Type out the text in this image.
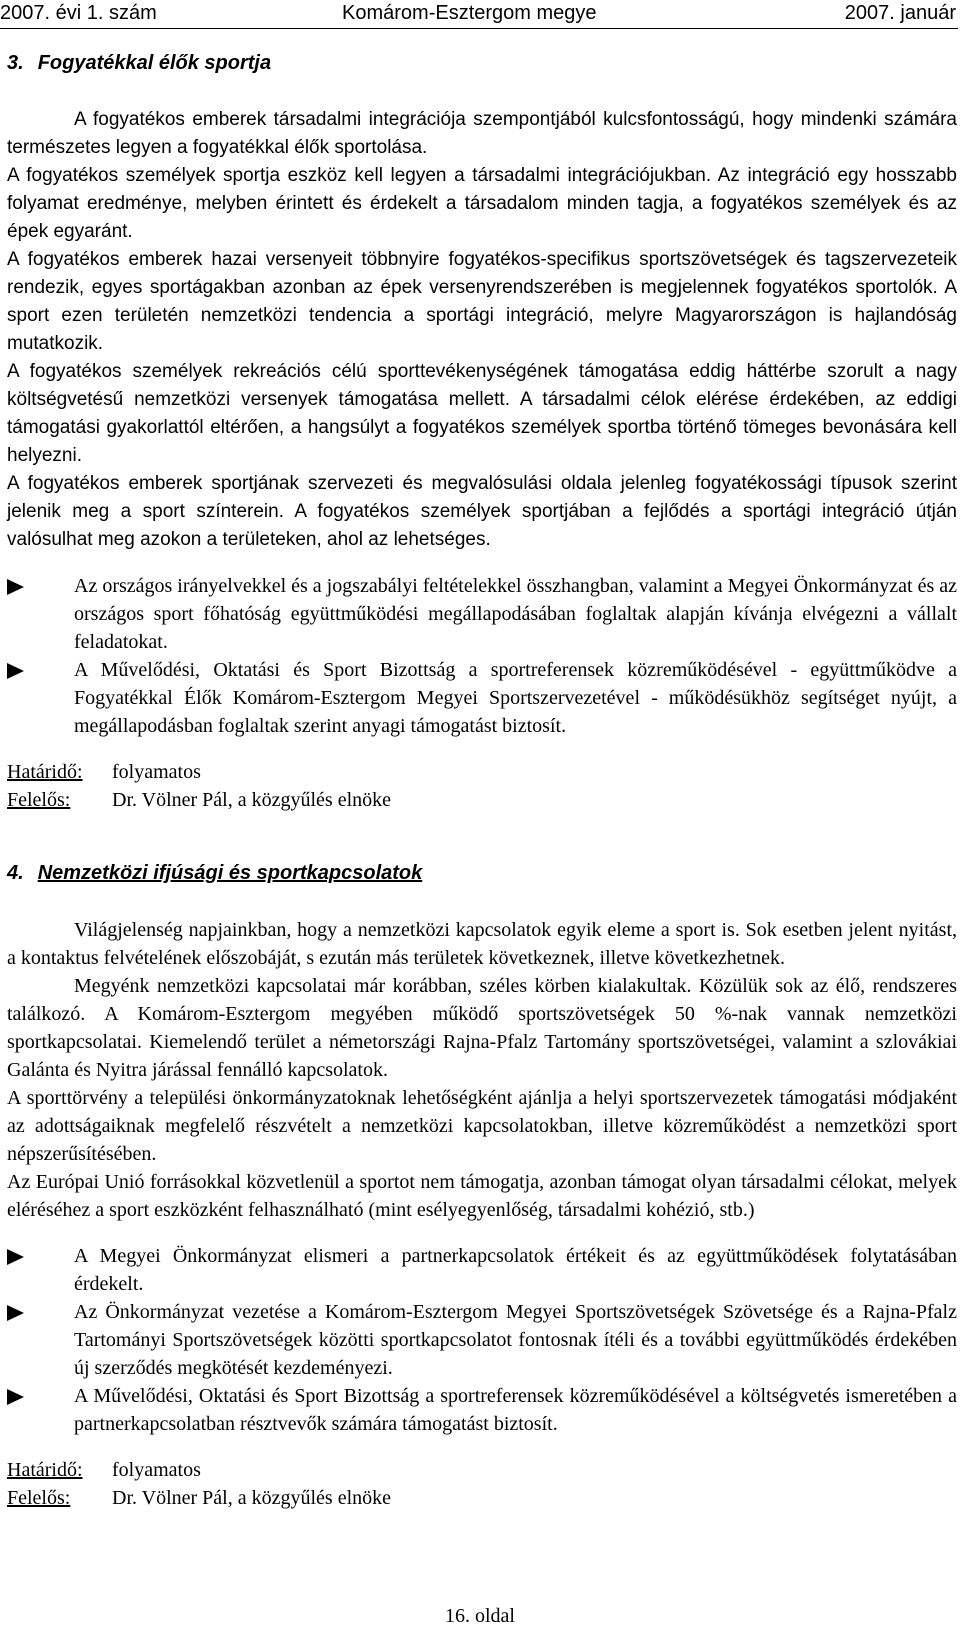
2007. évi 1. szám	Komárom-Esztergom megye	2007. január
3. Fogyatékkal élők sportja

A fogyatékos emberek társadalmi integrációja szempontjából kulcsfontosságú, hogy mindenki számára természetes legyen a fogyatékkal élők sportolása.

A fogyatékos személyek sportja eszköz kell legyen a társadalmi integrációjukban. Az integráció egy hosszabb folyamat eredménye, melyben érintett és érdekelt a társadalom minden tagja, a fogyatékos személyek és az épek egyaránt.

A fogyatékos emberek hazai versenyeit többnyire fogyatékos-specifikus sportszövetségek és tagszervezeteik rendezik, egyes sportágakban azonban az épek versenyrendszerében is megjelennek fogyatékos sportolók. A sport ezen területén nemzetközi tendencia a sportági integráció, melyre Magyarországon is hajlandóság mutatkozik.

A fogyatékos személyek rekreációs célú sporttevékenységének támogatása eddig háttérbe szorult a nagy költségvetésű nemzetközi versenyek támogatása mellett. A társadalmi célok elérése érdekében, az eddigi támogatási gyakorlattól eltérően, a hangsúlyt a fogyatékos személyek sportba történő tömeges bevonására kell helyezni.

A fogyatékos emberek sportjának szervezeti és megvalósulási oldala jelenleg fogyatékossági típusok szerint jelenik meg a sport színterein. A fogyatékos személyek sportjában a fejlődés a sportági integráció útján valósulhat meg azokon a területeken, ahol az lehetséges.

Az országos irányelvekkel és a jogszabályi feltételekkel összhangban, valamint a Megyei Önkormányzat és az országos sport főhatóság együttműködési megállapodásában foglaltak alapján kívánja elvégezni a vállalt feladatokat.
A Művelődési, Oktatási és Sport Bizottság a sportreferensek közreműködésével - együttműködve a Fogyatékkal Élők Komárom-Esztergom Megyei Sportszervezetével - működésükhöz segítséget nyújt, a megállapodásban foglaltak szerint anyagi támogatást biztosít.

Határidő: folyamatos

Felelős: Dr. Völner Pál, a közgyűlés elnöke

4. Nemzetközi ifjúsági és sportkapcsolatok

Világjelenség napjainkban, hogy a nemzetközi kapcsolatok egyik eleme a sport is. Sok esetben jelent nyitást, a kontaktus felvételének előszobáját, s ezután más területek következnek, illetve következhetnek.

Megyénk nemzetközi kapcsolatai már korábban, széles körben kialakultak. Közülük sok az élő, rendszeres találkozó. A Komárom-Esztergom megyében működő sportszövetségek 50 %-nak vannak nemzetközi sportkapcsolatai. Kiemelendő terület a németországi Rajna-Pfalz Tartomány sportszövetségei, valamint a szlovákiai Galánta és Nyitra járással fennálló kapcsolatok.

A sporttörvény a települési önkormányzatoknak lehetőségként ajánlja a helyi sportszervezetek támogatási módjaként az adottságaiknak megfelelő részvételt a nemzetközi kapcsolatokban, illetve közreműködést a nemzetközi sport népszerűsítésében.

Az Európai Unió forrásokkal közvetlenül a sportot nem támogatja, azonban támogat olyan társadalmi célokat, melyek eléréséhez a sport eszközként felhasználható (mint esélyegyenlőség, társadalmi kohézió, stb.)

A Megyei Önkormányzat elismeri a partnerkapcsolatok értékeit és az együttműködések folytatásában érdekelt.
Az Önkormányzat vezetése a Komárom-Esztergom Megyei Sportszövetségek Szövetsége és a Rajna-Pfalz Tartományi Sportszövetségek közötti sportkapcsolatot fontosnak ítéli és a további együttműködés érdekében új szerződés megkötését kezdeményezi.
A Művelődési, Oktatási és Sport Bizottság a sportreferensek közreműködésével a költségvetés ismeretében a partnerkapcsolatban résztvevők számára támogatást biztosít.

Határidő: folyamatos

Felelős: Dr. Völner Pál, a közgyűlés elnöke

16. oldal
